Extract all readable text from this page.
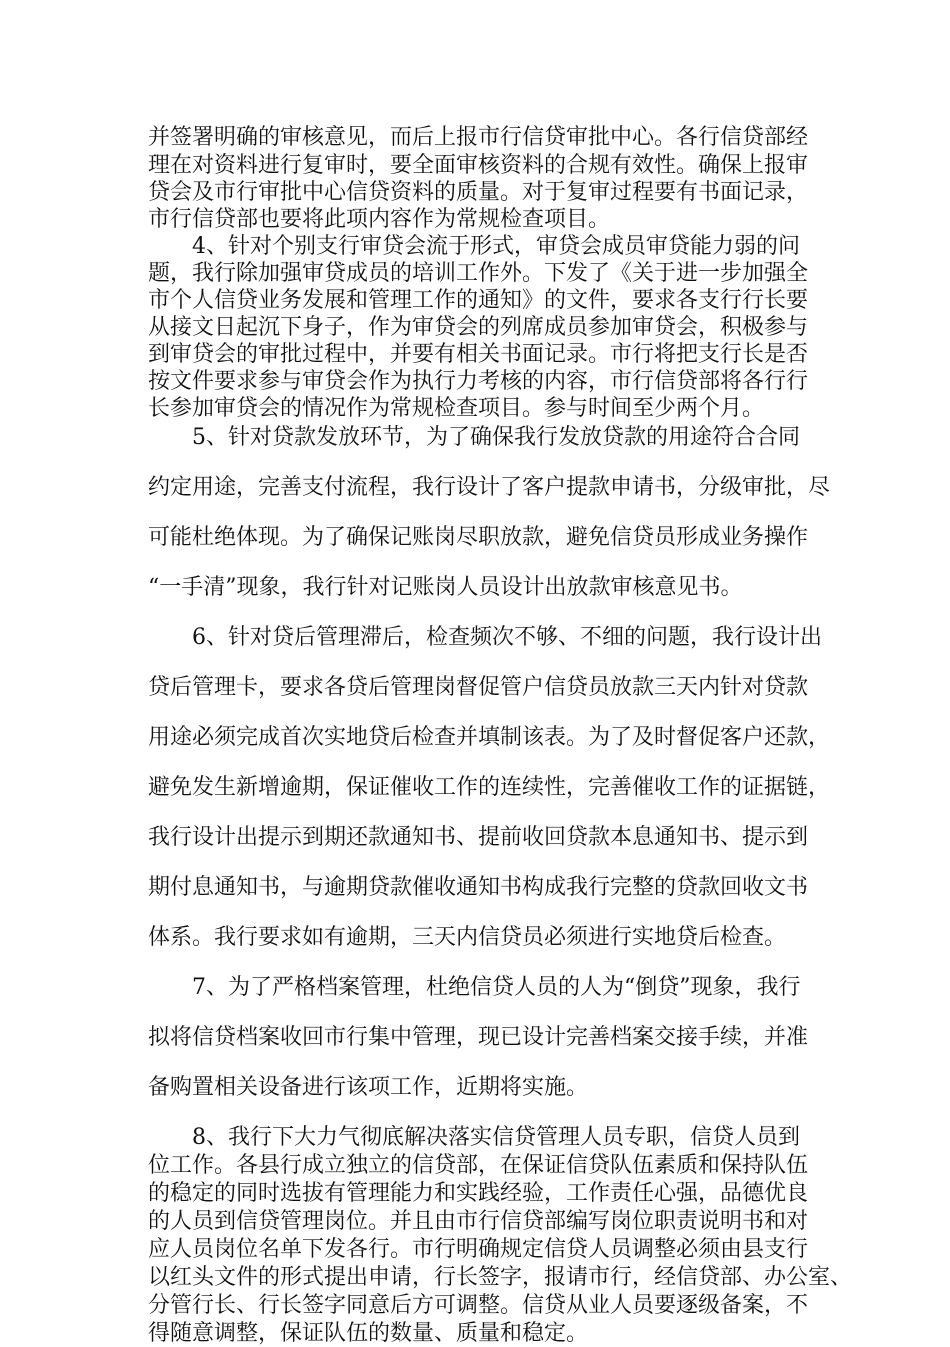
并签署明确的审核意见，而后上报市行信贷审批中心。各行信贷部经
理在对资料进行复审时，要全面审核资料的合规有效性。确保上报审
贷会及市行审批中心信贷资料的质量。对于复审过程要有书面记录，
市行信贷部也要将此项内容作为常规检查项目。
4、针对个别支行审贷会流于形式，审贷会成员审贷能力弱的问
题，我行除加强审贷成员的培训工作外。下发了《关于进一步加强全
市个人信贷业务发展和管理工作的通知》的文件，要求各支行行长要
从接文日起沉下身子，作为审贷会的列席成员参加审贷会，积极参与
到审贷会的审批过程中，并要有相关书面记录。市行将把支行长是否
按文件要求参与审贷会作为执行力考核的内容，市行信贷部将各行行
长参加审贷会的情况作为常规检查项目。参与时间至少两个月。
5、针对贷款发放环节，为了确保我行发放贷款的用途符合合同
约定用途，完善支付流程，我行设计了客户提款申请书，分级审批，尽
可能杜绝体现。为了确保记账岗尽职放款，避免信贷员形成业务操作
“一手清”现象，我行针对记账岗人员设计出放款审核意见书。
6、针对贷后管理滞后，检查频次不够、不细的问题，我行设计出
贷后管理卡，要求各贷后管理岗督促管户信贷员放款三天内针对贷款
用途必须完成首次实地贷后检查并填制该表。为了及时督促客户还款，
避免发生新增逾期，保证催收工作的连续性，完善催收工作的证据链，
我行设计出提示到期还款通知书、提前收回贷款本息通知书、提示到
期付息通知书，与逾期贷款催收通知书构成我行完整的贷款回收文书
体系。我行要求如有逾期，三天内信贷员必须进行实地贷后检查。
7、为了严格档案管理，杜绝信贷人员的人为“倒贷”现象，我行
拟将信贷档案收回市行集中管理，现已设计完善档案交接手续，并准
备购置相关设备进行该项工作，近期将实施。
8、我行下大力气彻底解决落实信贷管理人员专职，信贷人员到
位工作。各县行成立独立的信贷部，在保证信贷队伍素质和保持队伍
的稳定的同时选拔有管理能力和实践经验，工作责任心强，品德优良
的人员到信贷管理岗位。并且由市行信贷部编写岗位职责说明书和对
应人员岗位名单下发各行。市行明确规定信贷人员调整必须由县支行
以红头文件的形式提出申请，行长签字，报请市行，经信贷部、办公室、
分管行长、行长签字同意后方可调整。信贷从业人员要逐级备案，不
得随意调整，保证队伍的数量、质量和稳定。
